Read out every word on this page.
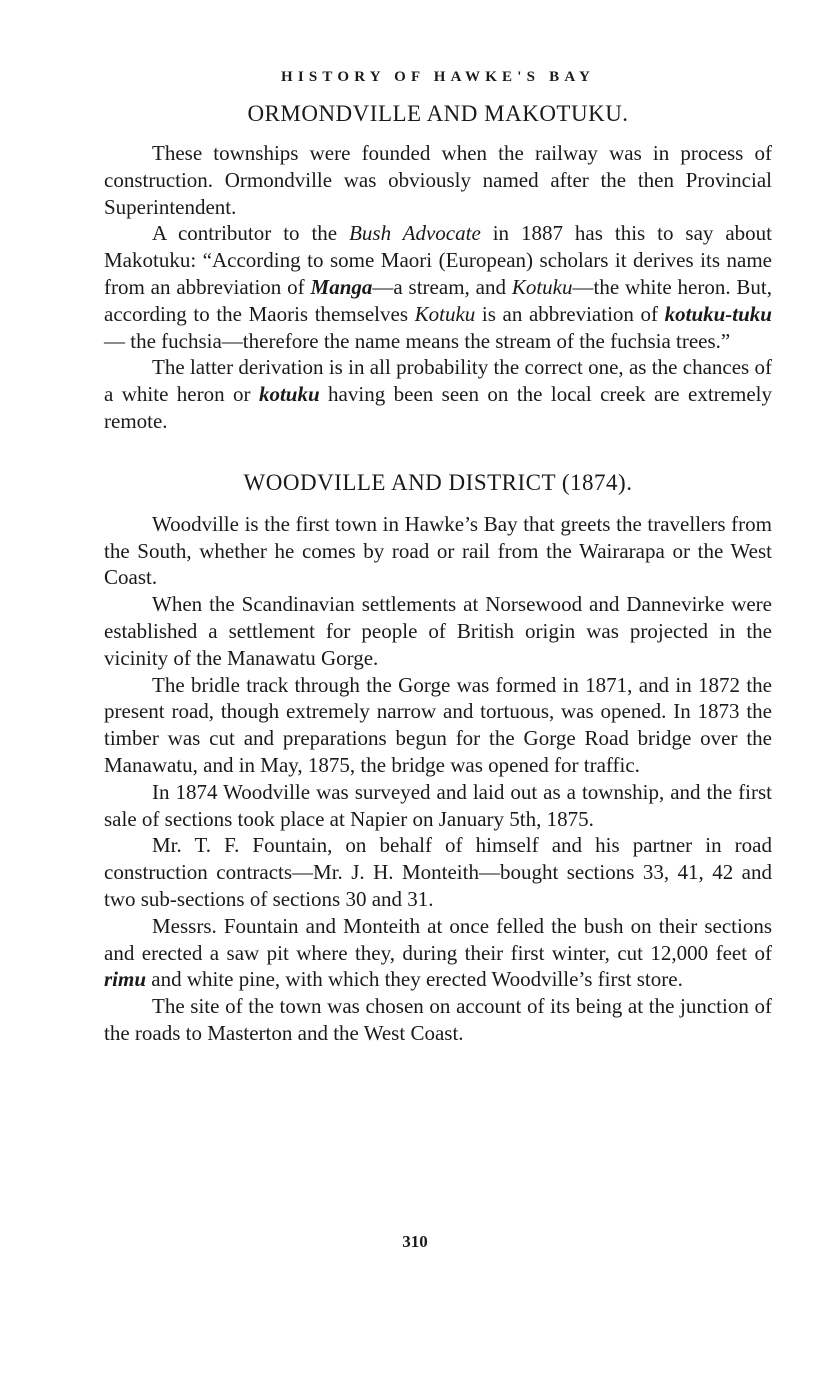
HISTORY OF HAWKE'S BAY
ORMONDVILLE AND MAKOTUKU.

These townships were founded when the railway was in process of construction. Ormondville was obviously named after the then Provincial Superintendent.

A contributor to the Bush Advocate in 1887 has this to say about Makotuku: “According to some Maori (European) scholars it derives its name from an abbreviation of Manga—a stream, and Kotuku—the white heron. But, according to the Maoris themselves Kotuku is an abbreviation of kotuku-tuku— the fuchsia—therefore the name means the stream of the fuchsia trees.”

The latter derivation is in all probability the correct one, as the chances of a white heron or kotuku having been seen on the local creek are extremely remote.

WOODVILLE AND DISTRICT (1874).

Woodville is the first town in Hawke’s Bay that greets the travellers from the South, whether he comes by road or rail from the Wairarapa or the West Coast.

When the Scandinavian settlements at Norsewood and Dannevirke were established a settlement for people of British origin was projected in the vicinity of the Manawatu Gorge.

The bridle track through the Gorge was formed in 1871, and in 1872 the present road, though extremely narrow and tortuous, was opened. In 1873 the timber was cut and preparations begun for the Gorge Road bridge over the Manawatu, and in May, 1875, the bridge was opened for traffic.

In 1874 Woodville was surveyed and laid out as a township, and the first sale of sections took place at Napier on January 5th, 1875.

Mr. T. F. Fountain, on behalf of himself and his partner in road construction contracts—Mr. J. H. Monteith—bought sections 33, 41, 42 and two sub-sections of sections 30 and 31.

Messrs. Fountain and Monteith at once felled the bush on their sections and erected a saw pit where they, during their first winter, cut 12,000 feet of rimu and white pine, with which they erected Woodville’s first store.

The site of the town was chosen on account of its being at the junction of the roads to Masterton and the West Coast.

310
